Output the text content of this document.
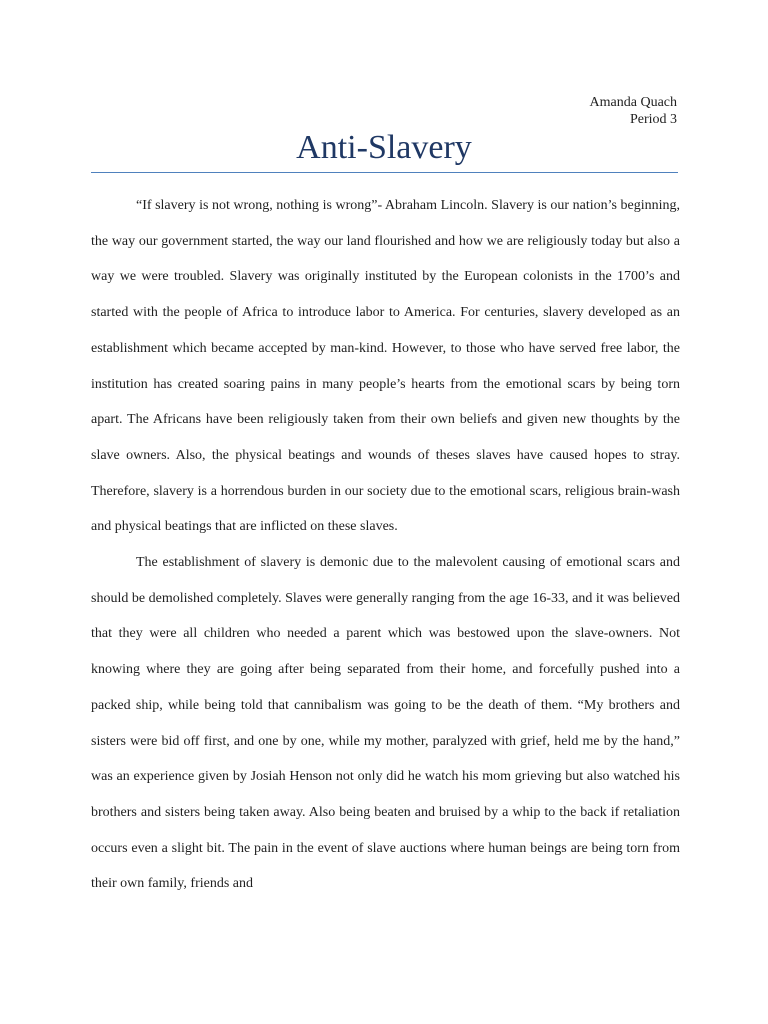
Amanda Quach
Period 3
Anti-Slavery

“If slavery is not wrong, nothing is wrong”- Abraham Lincoln. Slavery is our nation’s beginning, the way our government started, the way our land flourished and how we are religiously today but also a way we were troubled. Slavery was originally instituted by the European colonists in the 1700’s and started with the people of Africa to introduce labor to America. For centuries, slavery developed as an establishment which became accepted by man-kind. However, to those who have served free labor, the institution has created soaring pains in many people’s hearts from the emotional scars by being torn apart. The Africans have been religiously taken from their own beliefs and given new thoughts by the slave owners. Also, the physical beatings and wounds of theses slaves have caused hopes to stray. Therefore, slavery is a horrendous burden in our society due to the emotional scars, religious brain-wash and physical beatings that are inflicted on these slaves.

The establishment of slavery is demonic due to the malevolent causing of emotional scars and should be demolished completely. Slaves were generally ranging from the age 16-33, and it was believed that they were all children who needed a parent which was bestowed upon the slave-owners. Not knowing where they are going after being separated from their home, and forcefully pushed into a packed ship, while being told that cannibalism was going to be the death of them. “My brothers and sisters were bid off first, and one by one, while my mother, paralyzed with grief, held me by the hand,” was an experience given by Josiah Henson not only did he watch his mom grieving but also watched his brothers and sisters being taken away. Also being beaten and bruised by a whip to the back if retaliation occurs even a slight bit. The pain in the event of slave auctions where human beings are being torn from their own family, friends and
